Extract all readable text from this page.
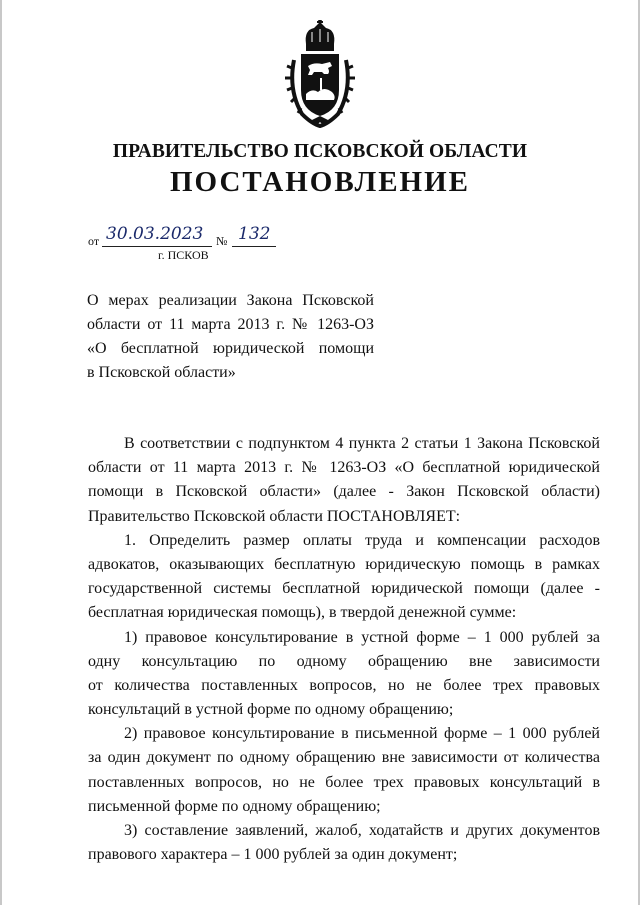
ПРАВИТЕЛЬСТВО ПСКОВСКОЙ ОБЛАСТИ
ПОСТАНОВЛЕНИЕ
от 30.03.2023 № 132
г. ПСКОВ
О мерах реализации Закона Псковской
области от 11 марта 2013 г. № 1263-ОЗ
«О бесплатной юридической помощи
в Псковской области»
В соответствии с подпунктом 4 пункта 2 статьи 1 Закона Псковской
области от 11 марта 2013 г. № 1263-ОЗ «О бесплатной юридической
помощи в Псковской области» (далее - Закон Псковской области)
Правительство Псковской области ПОСТАНОВЛЯЕТ:
1. Определить размер оплаты труда и компенсации расходов
адвокатов, оказывающих бесплатную юридическую помощь в рамках
государственной системы бесплатной юридической помощи (далее -
бесплатная юридическая помощь), в твердой денежной сумме:
1) правовое консультирование в устной форме – 1 000 рублей за
одну консультацию по одному обращению вне зависимости
от количества поставленных вопросов, но не более трех правовых
консультаций в устной форме по одному обращению;
2) правовое консультирование в письменной форме – 1 000 рублей
за один документ по одному обращению вне зависимости от количества
поставленных вопросов, но не более трех правовых консультаций в
письменной форме по одному обращению;
3) составление заявлений, жалоб, ходатайств и других документов
правового характера – 1 000 рублей за один документ;
